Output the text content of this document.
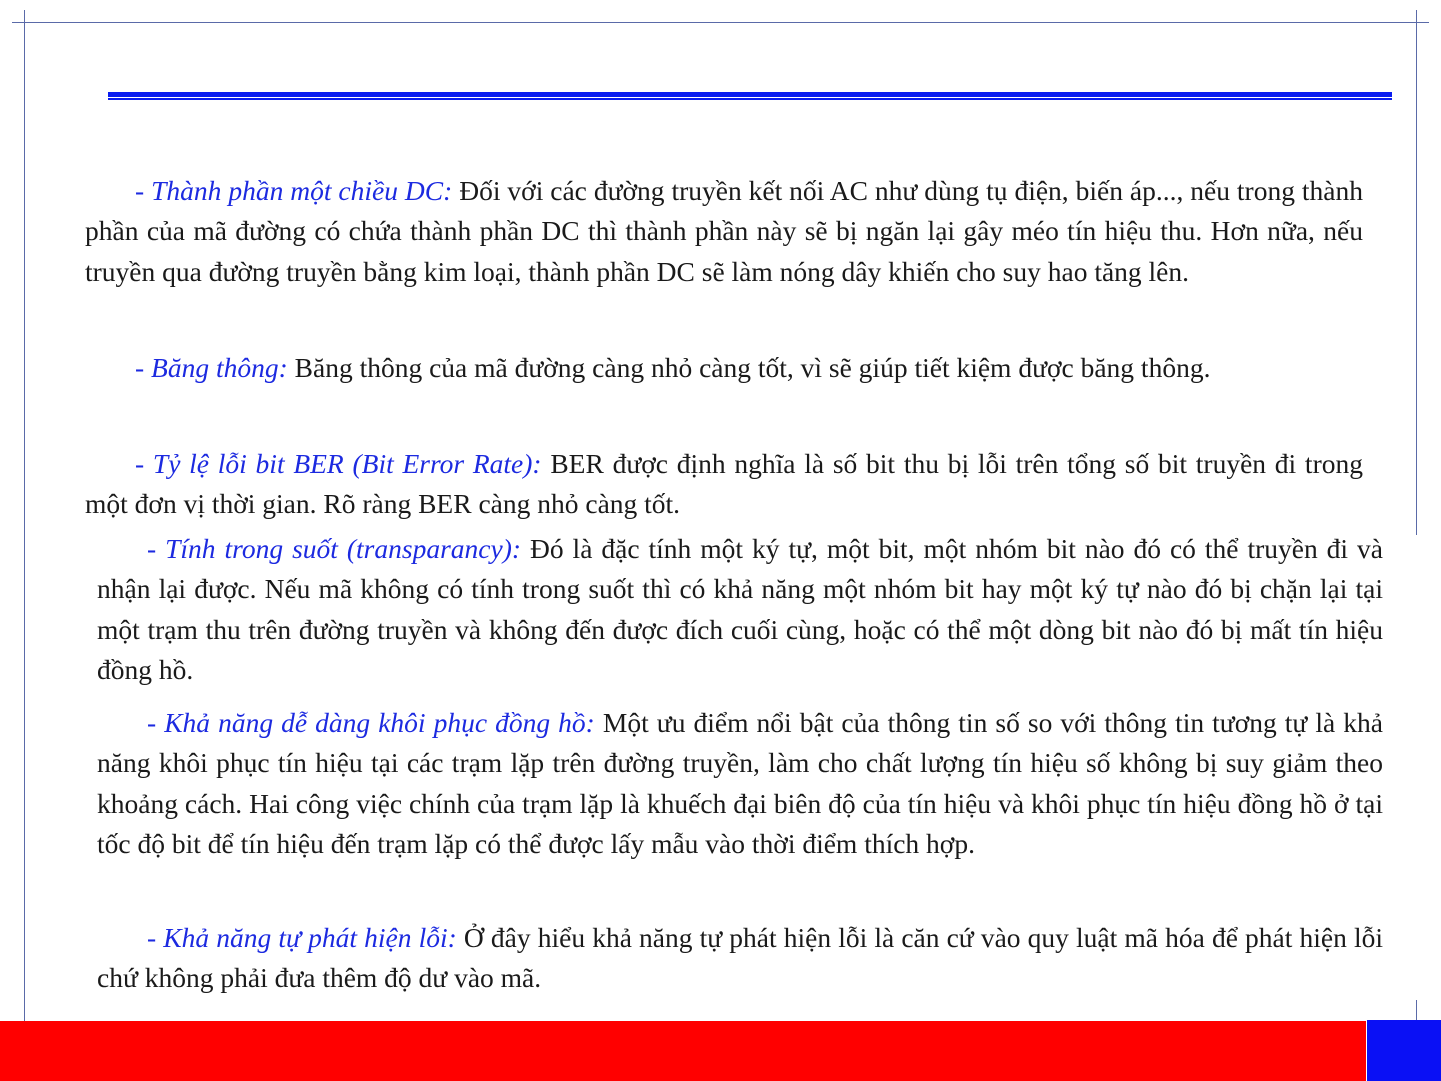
- Thành phần một chiều DC: Đối với các đường truyền kết nối AC như dùng tụ điện, biến áp..., nếu trong thành phần của mã đường có chứa thành phần DC thì thành phần này sẽ bị ngăn lại gây méo tín hiệu thu. Hơn nữa, nếu truyền qua đường truyền bằng kim loại, thành phần DC sẽ làm nóng dây khiến cho suy hao tăng lên.

- Băng thông: Băng thông của mã đường càng nhỏ càng tốt, vì sẽ giúp tiết kiệm được băng thông.

- Tỷ lệ lỗi bit BER (Bit Error Rate): BER được định nghĩa là số bit thu bị lỗi trên tổng số bit truyền đi trong một đơn vị thời gian. Rõ ràng BER càng nhỏ càng tốt.

- Tính trong suốt (transparancy): Đó là đặc tính một ký tự, một bit, một nhóm bit nào đó có thể truyền đi và nhận lại được. Nếu mã không có tính trong suốt thì có khả năng một nhóm bit hay một ký tự nào đó bị chặn lại tại một trạm thu trên đường truyền và không đến được đích cuối cùng, hoặc có thể một dòng bit nào đó bị mất tín hiệu đồng hồ.

- Khả năng dễ dàng khôi phục đồng hồ: Một ưu điểm nổi bật của thông tin số so với thông tin tương tự là khả năng khôi phục tín hiệu tại các trạm lặp trên đường truyền, làm cho chất lượng tín hiệu số không bị suy giảm theo khoảng cách. Hai công việc chính của trạm lặp là khuếch đại biên độ của tín hiệu và khôi phục tín hiệu đồng hồ ở tại tốc độ bit để tín hiệu đến trạm lặp có thể được lấy mẫu vào thời điểm thích hợp.

- Khả năng tự phát hiện lỗi: Ở đây hiểu khả năng tự phát hiện lỗi là căn cứ vào quy luật mã hóa để phát hiện lỗi chứ không phải đưa thêm độ dư vào mã.
